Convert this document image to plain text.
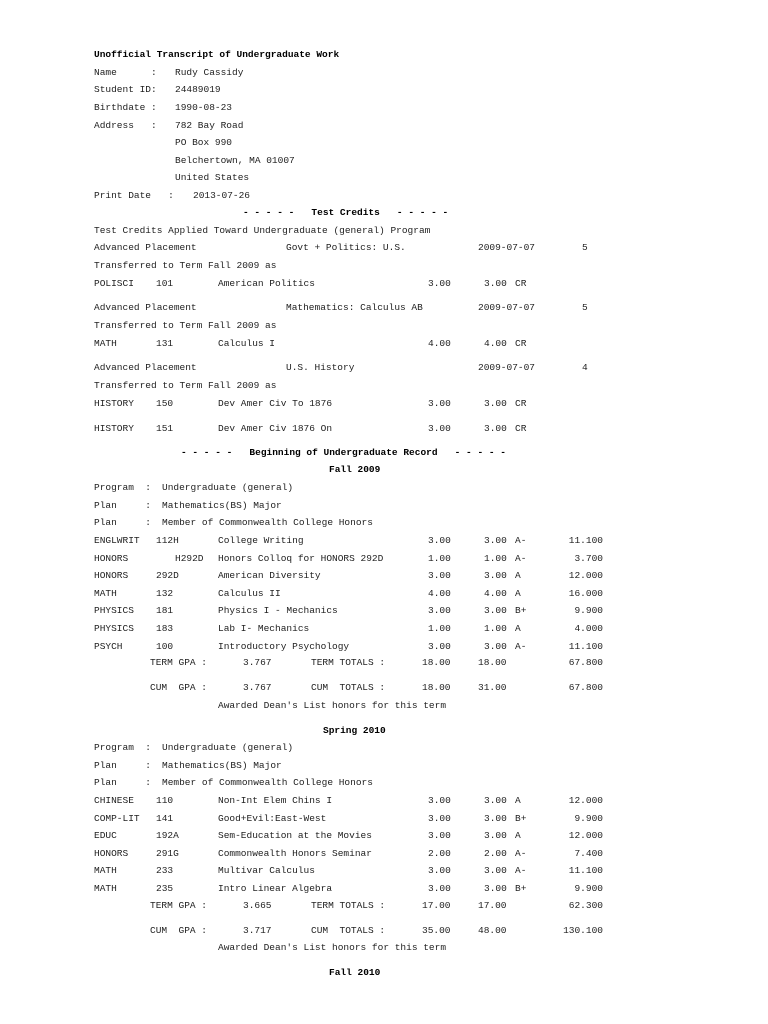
Unofficial Transcript of Undergraduate Work
Name      : Rudy Cassidy
Student ID: 24489019
Birthdate : 1990-08-23
Address   : 782 Bay Road
PO Box 990
Belchertown, MA 01007
United States
Print Date   : 2013-07-26
- - - - -   Test Credits   - - - - -
Test Credits Applied Toward Undergraduate (general) Program
Advanced Placement	Govt + Politics: U.S.	2009-07-07	5
Transferred to Term Fall 2009 as
POLISCI 101	American Politics	3.00	3.00 CR
Advanced Placement	Mathematics: Calculus AB	2009-07-07	5
Transferred to Term Fall 2009 as
MATH	131	Calculus I	4.00	4.00 CR
Advanced Placement	U.S. History	2009-07-07	4
Transferred to Term Fall 2009 as
HISTORY 150	Dev Amer Civ To 1876	3.00	3.00 CR
HISTORY 151	Dev Amer Civ 1876 On	3.00	3.00 CR
- - - - -   Beginning of Undergraduate Record   - - - - -
Fall 2009
Program  : Undergraduate (general)
Plan     : Mathematics(BS) Major
Plan     : Member of Commonwealth College Honors
ENGLWRIT 112H	College Writing	3.00	3.00 A-	11.100
HONORS	H292D Honors Colloq for HONORS 292D	1.00	1.00 A-	3.700
HONORS	292D	American Diversity	3.00	3.00 A	12.000
MATH	132	Calculus II	4.00	4.00 A	16.000
PHYSICS 181	Physics I - Mechanics	3.00	3.00 B+	9.900
PHYSICS 183	Lab I- Mechanics	1.00	1.00 A	4.000
PSYCH	100	Introductory Psychology	3.00	3.00 A-	11.100
TERM GPA :	3.767	TERM TOTALS :	18.00	18.00	67.800
CUM  GPA :	3.767	CUM  TOTALS :	18.00	31.00	67.800
Awarded Dean's List honors for this term
Spring 2010
Program  : Undergraduate (general)
Plan     : Mathematics(BS) Major
Plan     : Member of Commonwealth College Honors
CHINESE 110	Non-Int Elem Chins I	3.00	3.00 A	12.000
COMP-LIT 141	Good+Evil:East-West	3.00	3.00 B+	9.900
EDUC	192A	Sem-Education at the Movies	3.00	3.00 A	12.000
HONORS	291G	Commonwealth Honors Seminar	2.00	2.00 A-	7.400
MATH	233	Multivar Calculus	3.00	3.00 A-	11.100
MATH	235	Intro Linear Algebra	3.00	3.00 B+	9.900
TERM GPA :	3.665	TERM TOTALS :	17.00	17.00	62.300
CUM  GPA :	3.717	CUM  TOTALS :	35.00	48.00	130.100
Awarded Dean's List honors for this term
Fall 2010
